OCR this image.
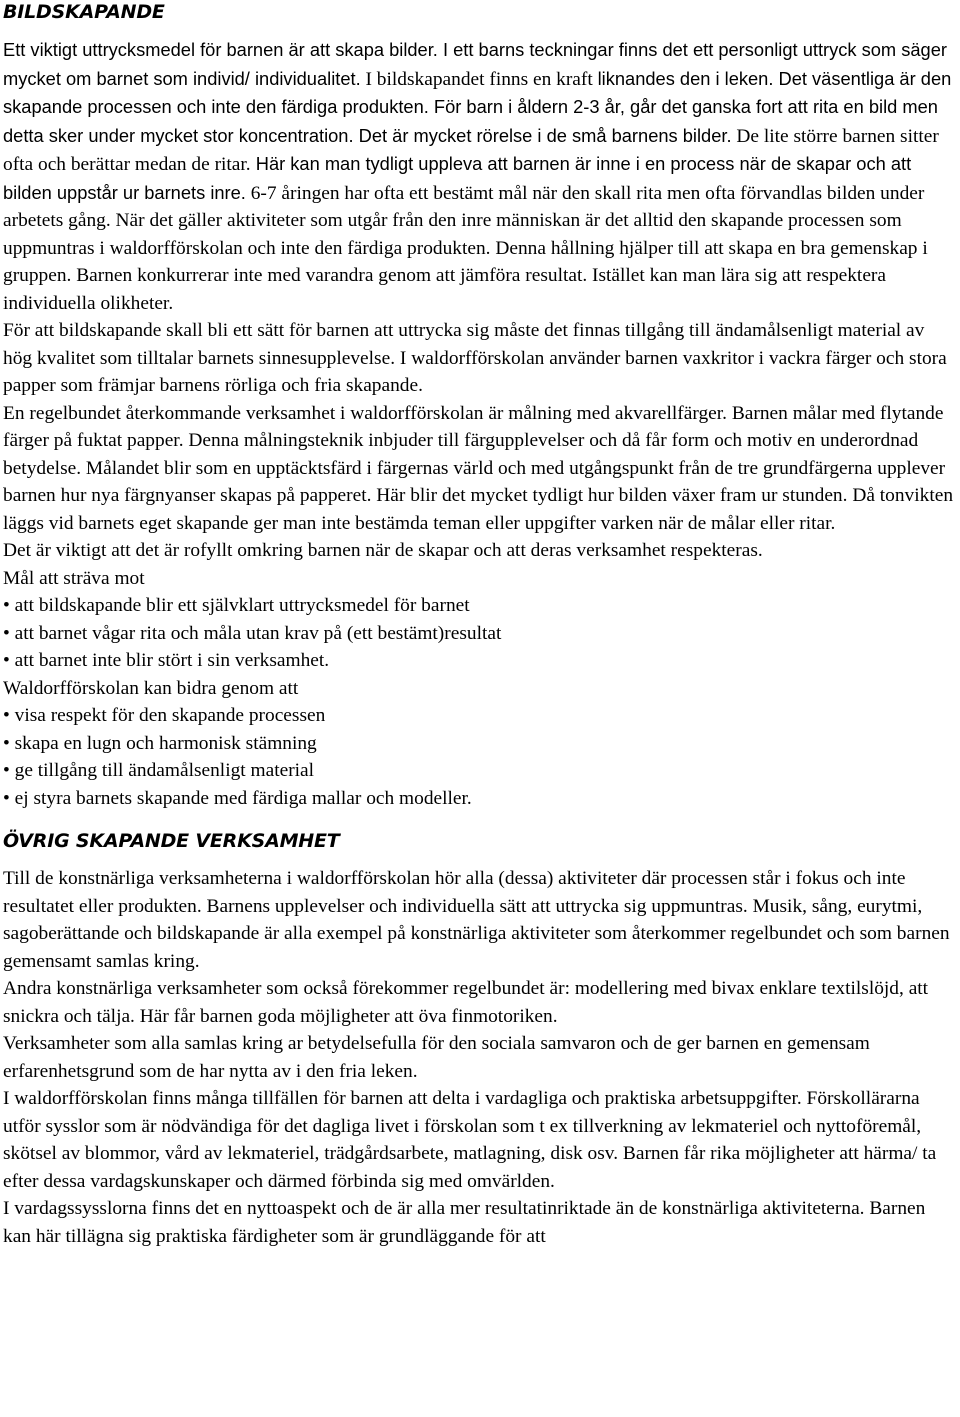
BILDSKAPANDE

Ett viktigt uttrycksmedel för barnen är att skapa bilder. I ett barns teckningar finns det ett personligt uttryck som säger mycket om barnet som individ/ individualitet. I bildskapandet finns en kraft liknandes den i leken. Det väsentliga är den skapande processen och inte den färdiga produkten. För barn i åldern 2-3 år, går det ganska fort att rita en bild men detta sker under mycket stor koncentration. Det är mycket rörelse i de små barnens bilder. De lite större barnen sitter ofta och berättar medan de ritar. Här kan man tydligt uppleva att barnen är inne i en process när de skapar och att bilden uppstår ur barnets inre. 6-7 åringen har ofta ett bestämt mål när den skall rita men ofta förvandlas bilden under arbetets gång. När det gäller aktiviteter som utgår från den inre människan är det alltid den skapande processen som uppmuntras i waldorfförskolan och inte den färdiga produkten. Denna hållning hjälper till att skapa en bra gemenskap i gruppen. Barnen konkurrerar inte med varandra genom att jämföra resultat. Istället kan man lära sig att respektera individuella olikheter.

För att bildskapande skall bli ett sätt för barnen att uttrycka sig måste det finnas tillgång till ändamålsenligt material av hög kvalitet som tilltalar barnets sinnesupplevelse. I waldorfförskolan använder barnen vaxkritor i vackra färger och stora papper som främjar barnens rörliga och fria skapande.

En regelbundet återkommande verksamhet i waldorfförskolan är målning med akvarellfärger. Barnen målar med flytande färger på fuktat papper. Denna målningsteknik inbjuder till färgupplevelser och då får form och motiv en underordnad betydelse. Målandet blir som en upptäcktsfärd i färgernas värld och med utgångspunkt från de tre grundfärgerna upplever barnen hur nya färgnyanser skapas på papperet. Här blir det mycket tydligt hur bilden växer fram ur stunden. Då tonvikten läggs vid barnets eget skapande ger man inte bestämda teman eller uppgifter varken när de målar eller ritar.

Det är viktigt att det är rofyllt omkring barnen när de skapar och att deras verksamhet respekteras.

Mål att sträva mot

• att bildskapande blir ett självklart uttrycksmedel för barnet

• att barnet vågar rita och måla utan krav på (ett bestämt)resultat

• att barnet inte blir stört i sin verksamhet.

Waldorfförskolan kan bidra genom att

• visa respekt för den skapande processen

• skapa en lugn och harmonisk stämning

• ge tillgång till ändamålsenligt material

• ej styra barnets skapande med färdiga mallar och modeller.

ÖVRIG SKAPANDE VERKSAMHET

Till de konstnärliga verksamheterna i waldorfförskolan hör alla (dessa) aktiviteter där processen står i fokus och inte resultatet eller produkten. Barnens upplevelser och individuella sätt att uttrycka sig uppmuntras. Musik, sång, eurytmi, sagoberättande och bildskapande är alla exempel på konstnärliga aktiviteter som återkommer regelbundet och som barnen gemensamt samlas kring.

Andra konstnärliga verksamheter som också förekommer regelbundet är: modellering med bivax enklare textilslöjd, att snickra och tälja. Här får barnen goda möjligheter att öva finmotoriken.

Verksamheter som alla samlas kring ar betydelsefulla för den sociala samvaron och de ger barnen en gemensam erfarenhetsgrund som de har nytta av i den fria leken.

I waldorfförskolan finns många tillfällen för barnen att delta i vardagliga och praktiska arbetsuppgifter. Förskollärarna utför sysslor som är nödvändiga för det dagliga livet i förskolan som t ex tillverkning av lekmateriel och nyttoföremål, skötsel av blommor, vård av lekmateriel, trädgårdsarbete, matlagning, disk osv. Barnen får rika möjligheter att härma/ ta efter dessa vardagskunskaper och därmed förbinda sig med omvärlden.

I vardagssysslorna finns det en nyttoaspekt och de är alla mer resultatinriktade än de konstnärliga aktiviteterna. Barnen kan här tillägna sig praktiska färdigheter som är grundläggande för att
